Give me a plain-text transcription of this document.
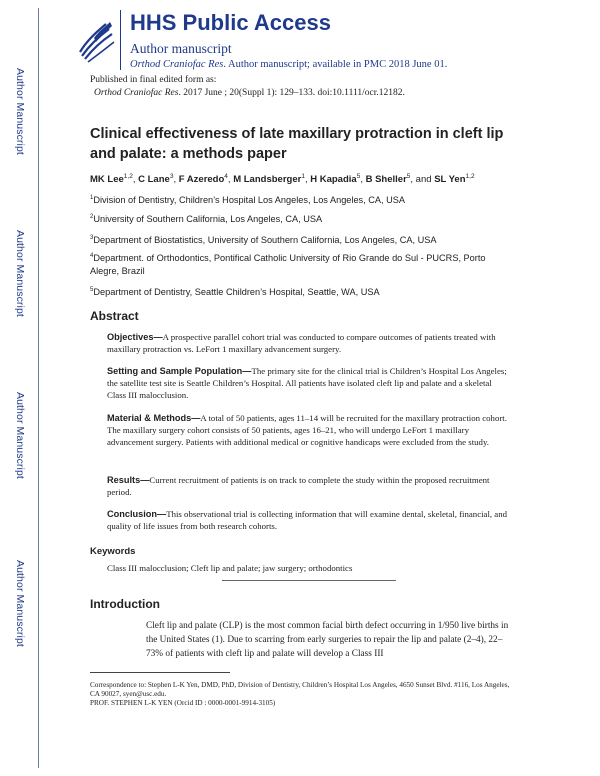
Author Manuscript
Author Manuscript
Author Manuscript
Author Manuscript
HHS Public Access
Author manuscript
Orthod Craniofac Res. Author manuscript; available in PMC 2018 June 01.
Published in final edited form as:
Orthod Craniofac Res. 2017 June ; 20(Suppl 1): 129–133. doi:10.1111/ocr.12182.
Clinical effectiveness of late maxillary protraction in cleft lip and palate: a methods paper
MK Lee$^{1,2}$, C Lane$^3$, F Azeredo$^4$, M Landsberger$^1$, H Kapadia$^5$, B Sheller$^5$, and SL Yen$^{1,2}$
$^1$Division of Dentistry, Children’s Hospital Los Angeles, Los Angeles, CA, USA
$^2$University of Southern California, Los Angeles, CA, USA
$^3$Department of Biostatistics, University of Southern California, Los Angeles, CA, USA
$^4$Department. of Orthodontics, Pontifical Catholic University of Rio Grande do Sul - PUCRS, Porto Alegre, Brazil
$^5$Department of Dentistry, Seattle Children’s Hospital, Seattle, WA, USA
Abstract
Objectives—A prospective parallel cohort trial was conducted to compare outcomes of patients treated with maxillary protraction vs. LeFort 1 maxillary advancement surgery.
Setting and Sample Population—The primary site for the clinical trial is Children’s Hospital Los Angeles; the satellite test site is Seattle Children’s Hospital. All patients have isolated cleft lip and palate and a skeletal Class III malocclusion.
Material & Methods—A total of 50 patients, ages 11–14 will be recruited for the maxillary protraction cohort. The maxillary surgery cohort consists of 50 patients, ages 16–21, who will undergo LeFort 1 maxillary advancement surgery. Patients with additional medical or cognitive handicaps were excluded from the study.
Results—Current recruitment of patients is on track to complete the study within the proposed recruitment period.
Conclusion—This observational trial is collecting information that will examine dental, skeletal, financial, and quality of life issues from both research cohorts.
Keywords
Class III malocclusion; Cleft lip and palate; jaw surgery; orthodontics
Introduction
Cleft lip and palate (CLP) is the most common facial birth defect occurring in 1/950 live births in the United States (1). Due to scarring from early surgeries to repair the lip and palate (2–4), 22–73% of patients with cleft lip and palate will develop a Class III
Correspondence to: Stephen L-K Yen, DMD, PhD, Division of Dentistry, Children’s Hospital Los Angeles, 4650 Sunset Blvd. #116, Los Angeles, CA 90027, syen@usc.edu.
PROF. STEPHEN L-K YEN (Orcid ID : 0000-0001-9914-3105)
